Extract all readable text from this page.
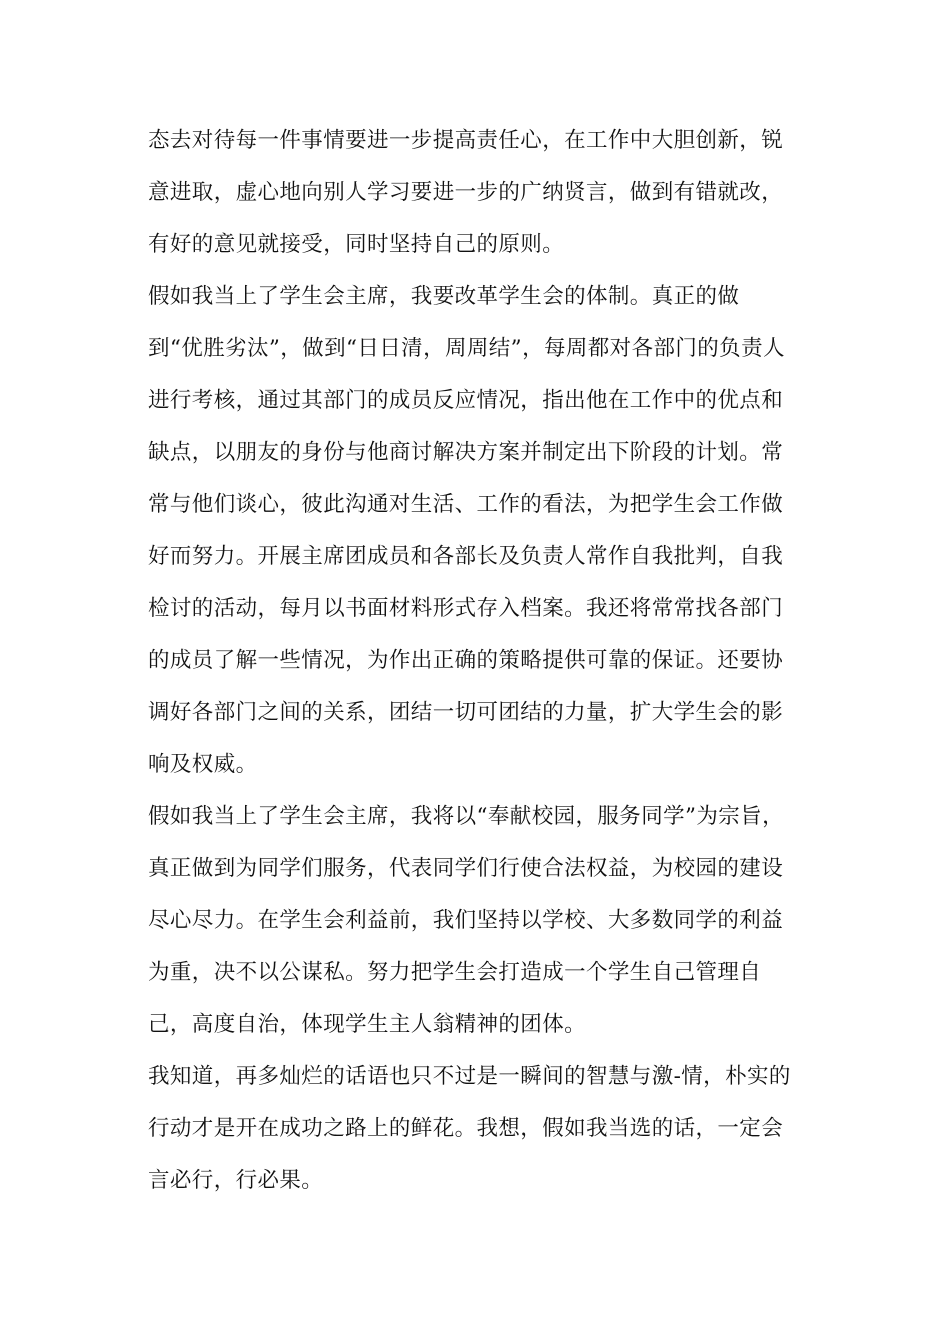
态去对待每一件事情要进一步提高责任心，在工作中大胆创新，锐
意进取，虚心地向别人学习要进一步的广纳贤言，做到有错就改，
有好的意见就接受，同时坚持自己的原则。
假如我当上了学生会主席，我要改革学生会的体制。真正的做
到“优胜劣汰”，做到“日日清，周周结”，每周都对各部门的负责人
进行考核，通过其部门的成员反应情况，指出他在工作中的优点和
缺点，以朋友的身份与他商讨解决方案并制定出下阶段的计划。常
常与他们谈心，彼此沟通对生活、工作的看法，为把学生会工作做
好而努力。开展主席团成员和各部长及负责人常作自我批判，自我
检讨的活动，每月以书面材料形式存入档案。我还将常常找各部门
的成员了解一些情况，为作出正确的策略提供可靠的保证。还要协
调好各部门之间的关系，团结一切可团结的力量，扩大学生会的影
响及权威。
假如我当上了学生会主席，我将以“奉献校园，服务同学”为宗旨，
真正做到为同学们服务，代表同学们行使合法权益，为校园的建设
尽心尽力。在学生会利益前，我们坚持以学校、大多数同学的利益
为重，决不以公谋私。努力把学生会打造成一个学生自己管理自
己，高度自治，体现学生主人翁精神的团体。
我知道，再多灿烂的话语也只不过是一瞬间的智慧与激-情，朴实的
行动才是开在成功之路上的鲜花。我想，假如我当选的话，一定会
言必行，行必果。
